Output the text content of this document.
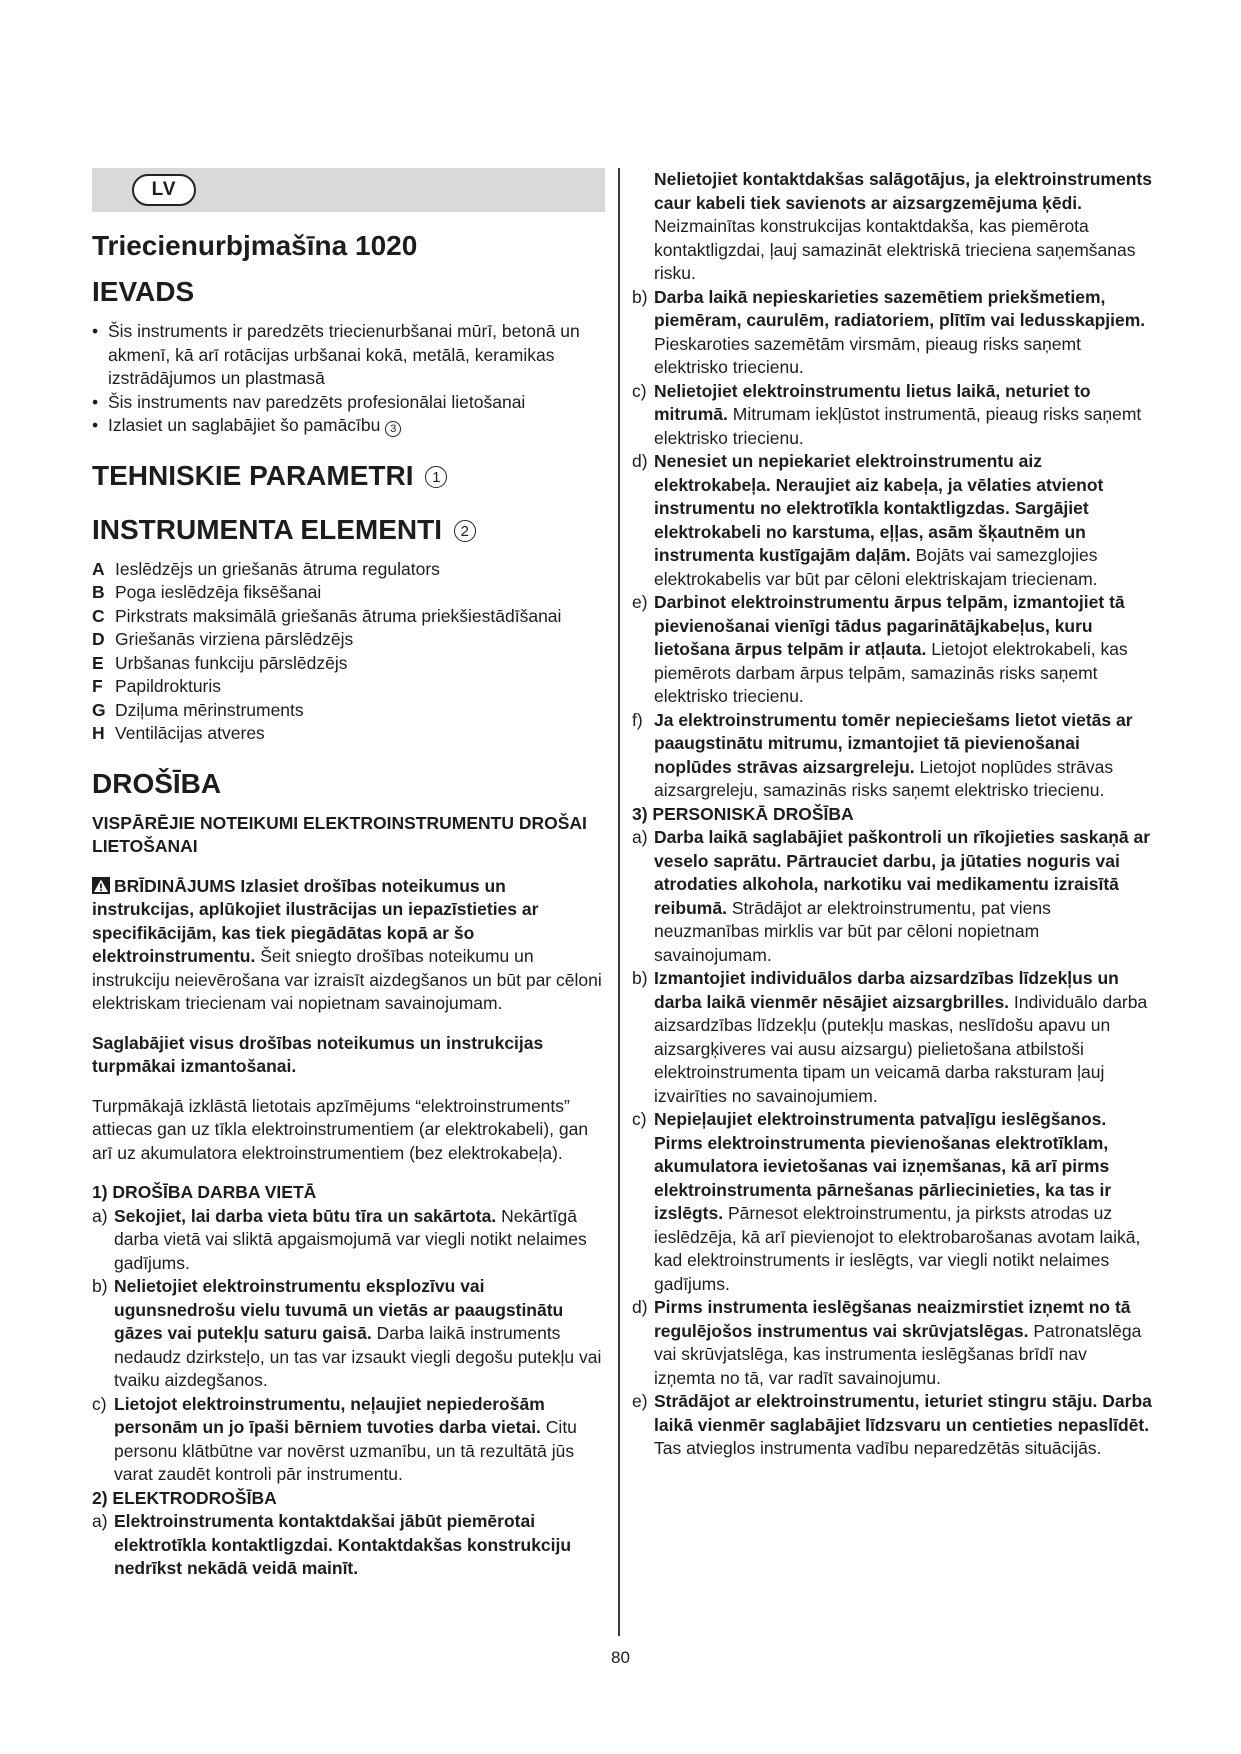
LV
Triecienurbjmašīna 1020
IEVADS
• Šis instruments ir paredzēts triecienurbšanai mūrī, betonā un akmenī, kā arī rotācijas urbšanai kokā, metālā, keramikas izstrādājumos un plastmasā
• Šis instruments nav paredzēts profesionālai lietošanai
• Izlasiet un saglabājiet šo pamācību 3
TEHNISKIE PARAMETRI 1
INSTRUMENTA ELEMENTI 2
A Ieslēdzējs un griešanās ātruma regulators
B Poga ieslēdzēja fiksēšanai
C Pirkstrats maksimālā griešanās ātruma priekšiestādīšanai
D Griešanās virziena pārslēdzējs
E Urbšanas funkciju pārslēdzējs
F Papildrokturis
G Dziļuma mērinstruments
H Ventilācijas atveres
DROŠĪBA
VISPĀRĒJIE NOTEIKUMI ELEKTROINSTRUMENTU DROŠAI LIETOŠANAI
BRĪDINĀJUMS Izlasiet drošības noteikumus un instrukcijas, aplūkojiet ilustrācijas un iepazīstieties ar specifikācijām, kas tiek piegādātas kopā ar šo elektroinstrumentu. Šeit sniegto drošības noteikumu un instrukciju neievērošana var izraisīt aizdegšanos un būt par cēloni elektriskam triecienam vai nopietnam savainojumam.
Saglabājiet visus drošības noteikumus un instrukcijas turpmākai izmantošanai.
Turpmākajā izklāstā lietotais apzīmējums “elektroinstruments” attiecas gan uz tīkla elektroinstrumentiem (ar elektrokabeli), gan arī uz akumulatora elektroinstrumentiem (bez elektrokabeļa).
1) DROŠĪBA DARBA VIETĀ
a) Sekojiet, lai darba vieta būtu tīra un sakārtota. Nekārtīgā darba vietā vai sliktā apgaismojumā var viegli notikt nelaimes gadījums.
b) Nelietojiet elektroinstrumentu eksplozīvu vai ugunsnedrošu vielu tuvumā un vietās ar paaugstinātu gāzes vai putekļu saturu gaisā. Darba laikā instruments nedaudz dzirksteļo, un tas var izsaukt viegli degošu putekļu vai tvaiku aizdegšanos.
c) Lietojot elektroinstrumentu, neļaujiet nepiederošām personām un jo īpaši bērniem tuvoties darba vietai. Citu personu klātbūtne var novērst uzmanību, un tā rezultātā jūs varat zaudēt kontroli pār instrumentu.
2) ELEKTRODROŠĪBA
a) Elektroinstrumenta kontaktdakšai jābūt piemērotai elektrotīkla kontaktligzdai. Kontaktdakšas konstrukciju nedrīkst nekādā veidā mainīt.
Nelietojiet kontaktdakšas salāgotājus, ja elektroinstruments caur kabeli tiek savienots ar aizsargzemējuma ķēdi. Neizmainītas konstrukcijas kontaktdakša, kas piemērota kontaktligzdai, ļauj samazināt elektriskā trieciena saņemšanas risku.
b) Darba laikā nepieskarieties sazemētiem priekšmetiem, piemēram, caurulēm, radiatoriem, plītīm vai ledusskapjiem. Pieskaroties sazemētām virsmām, pieaug risks saņemt elektrisko triecienu.
c) Nelietojiet elektroinstrumentu lietus laikā, neturiet to mitrumā. Mitrumam iekļūstot instrumentā, pieaug risks saņemt elektrisko triecienu.
d) Nenesiet un nepiekariet elektroinstrumentu aiz elektrokabeļa. Neraujiet aiz kabeļa, ja vēlaties atvienot instrumentu no elektrotīkla kontaktligzdas. Sargājiet elektrokabeli no karstuma, eļļas, asām šķautnēm un instrumenta kustīgajām daļām. Bojāts vai samezglojies elektrokabelis var būt par cēloni elektriskajam triecienam.
e) Darbinot elektroinstrumentu ārpus telpām, izmantojiet tā pievienošanai vienīgi tādus pagarinātājkabeļus, kuru lietošana ārpus telpām ir atļauta. Lietojot elektrokabeli, kas piemērots darbam ārpus telpām, samazinās risks saņemt elektrisko triecienu.
f) Ja elektroinstrumentu tomēr nepieciešams lietot vietās ar paaugstinātu mitrumu, izmantojiet tā pievienošanai noplūdes strāvas aizsargreleju. Lietojot noplūdes strāvas aizsargreleju, samazinās risks saņemt elektrisko triecienu.
3) PERSONISKĀ DROŠĪBA
a) Darba laikā saglabājiet paškontroli un rīkojieties saskaņā ar veselo saprātu. Pārtrauciet darbu, ja jūtaties noguris vai atrodaties alkohola, narkotiku vai medikamentu izraisītā reibumā. Strādājot ar elektroinstrumentu, pat viens neuzmanības mirklis var būt par cēloni nopietnam savainojumam.
b) Izmantojiet individuālos darba aizsardzības līdzekļus un darba laikā vienmēr nēsājiet aizsargbrilles. Individuālo darba aizsardzības līdzekļu (putekļu maskas, neslīdošu apavu un aizsargķiveres vai ausu aizsargu) pielietošana atbilstoši elektroinstrumenta tipam un veicamā darba raksturam ļauj izvairīties no savainojumiem.
c) Nepieļaujiet elektroinstrumenta patvaļīgu ieslēgšanos. Pirms elektroinstrumenta pievienošanas elektrotīklam, akumulatora ievietošanas vai izņemšanas, kā arī pirms elektroinstrumenta pārnešanas pārliecinieties, ka tas ir izslēgts. Pārnesot elektroinstrumentu, ja pirksts atrodas uz ieslēdzēja, kā arī pievienojot to elektrobarošanas avotam laikā, kad elektroinstruments ir ieslēgts, var viegli notikt nelaimes gadījums.
d) Pirms instrumenta ieslēgšanas neaizmirstiet izņemt no tā regulējošos instrumentus vai skrūvjatslēgas. Patronatslēga vai skrūvjatslēga, kas instrumenta ieslēgšanas brīdī nav izņemta no tā, var radīt savainojumu.
e) Strādājot ar elektroinstrumentu, ieturiet stingru stāju. Darba laikā vienmēr saglabājiet līdzsvaru un centieties nepaslīdēt. Tas atvieglos instrumenta vadību neparedzētās situācijās.
80
